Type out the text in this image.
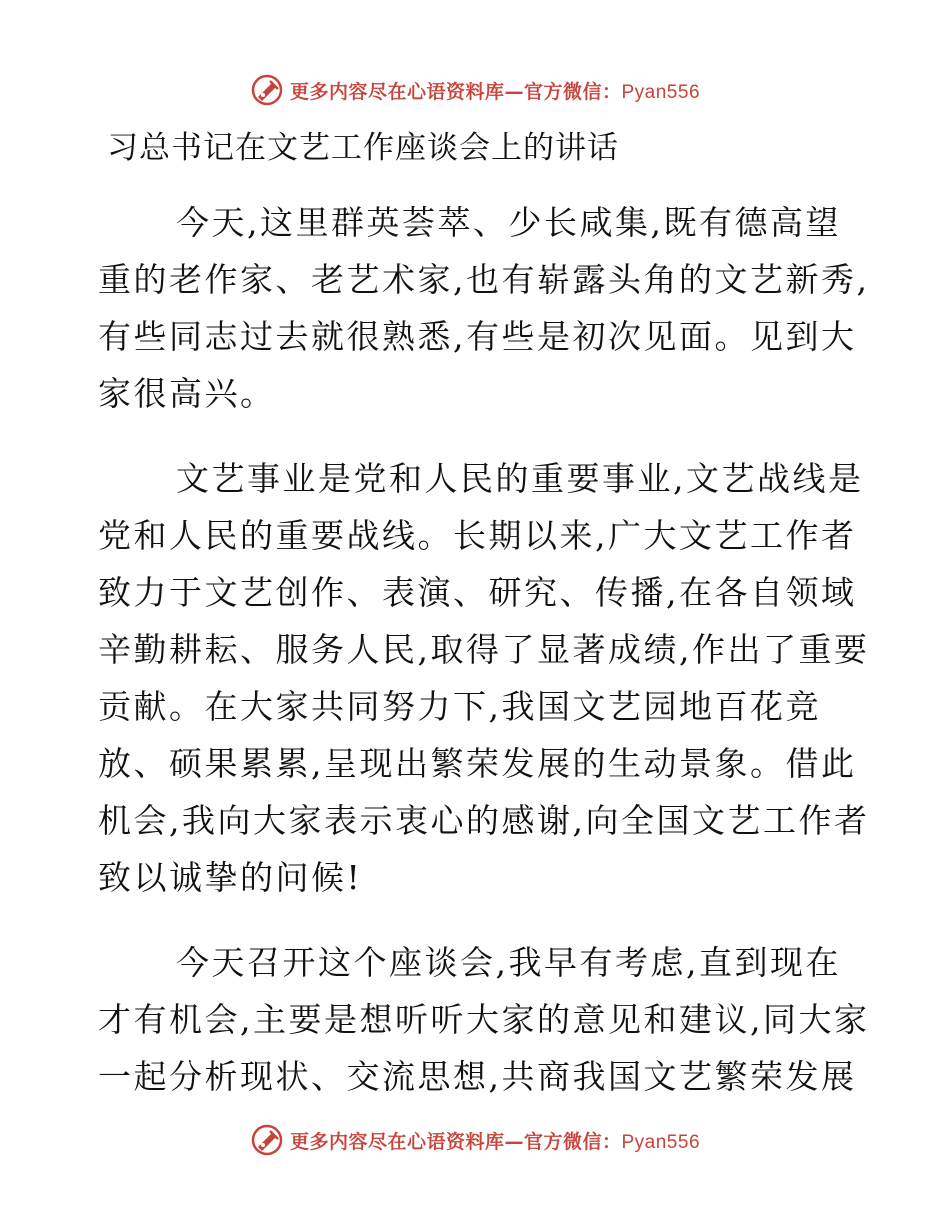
更多内容尽在心语资料库—官方微信：Pyan556
习总书记在文艺工作座谈会上的讲话
今天,这里群英荟萃、少长咸集,既有德高望
重的老作家、老艺术家,也有崭露头角的文艺新秀,
有些同志过去就很熟悉,有些是初次见面。见到大
家很高兴。
文艺事业是党和人民的重要事业,文艺战线是
党和人民的重要战线。长期以来,广大文艺工作者
致力于文艺创作、表演、研究、传播,在各自领域
辛勤耕耘、服务人民,取得了显著成绩,作出了重要
贡献。在大家共同努力下,我国文艺园地百花竞
放、硕果累累,呈现出繁荣发展的生动景象。借此
机会,我向大家表示衷心的感谢,向全国文艺工作者
致以诚挚的问候!
今天召开这个座谈会,我早有考虑,直到现在
才有机会,主要是想听听大家的意见和建议,同大家
一起分析现状、交流思想,共商我国文艺繁荣发展
更多内容尽在心语资料库—官方微信：Pyan556
